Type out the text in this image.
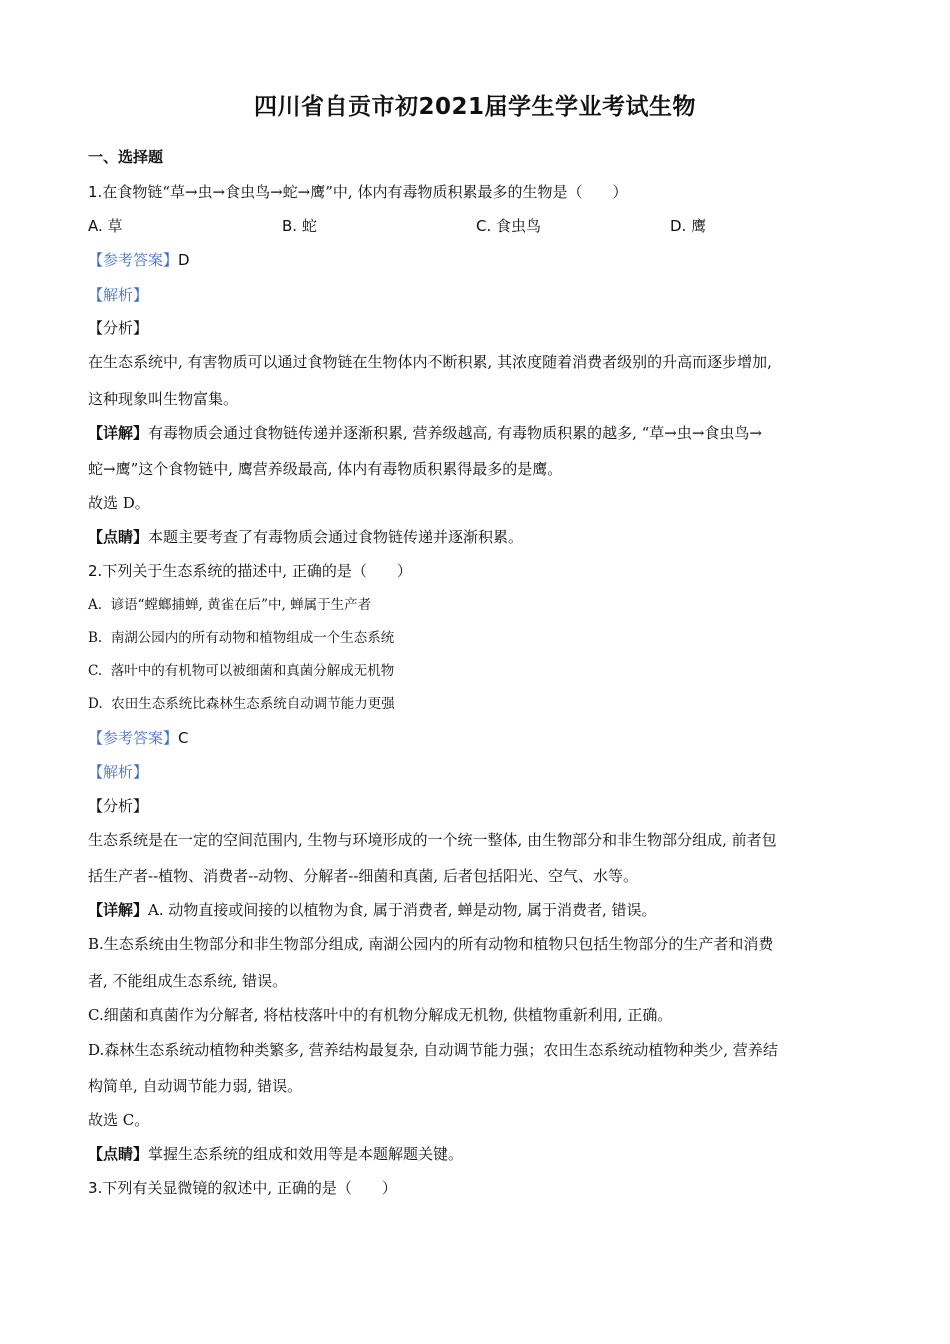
四川省自贡市初2021届学生学业考试生物
一、选择题
1.在食物链“草→虫→食虫鸟→蛇→鹰”中, 体内有毒物质积累最多的生物是（　　）
A. 草	B. 蛇	C. 食虫鸟	D. 鹰
【参考答案】D
【解析】
【分析】
在生态系统中, 有害物质可以通过食物链在生物体内不断积累, 其浓度随着消费者级别的升高而逐步增加,
这种现象叫生物富集。
【详解】有毒物质会通过食物链传递并逐渐积累, 营养级越高, 有毒物质积累的越多, “草→虫→食虫鸟→
蛇→鹰”这个食物链中, 鹰营养级最高, 体内有毒物质积累得最多的是鹰。
故选 D。
【点睛】本题主要考查了有毒物质会通过食物链传递并逐渐积累。
2.下列关于生态系统的描述中, 正确的是（　　）
A. 谚语“螳螂捕蝉, 黄雀在后”中, 蝉属于生产者
B. 南湖公园内的所有动物和植物组成一个生态系统
C. 落叶中的有机物可以被细菌和真菌分解成无机物
D. 农田生态系统比森林生态系统自动调节能力更强
【参考答案】C
【解析】
【分析】
生态系统是在一定的空间范围内, 生物与环境形成的一个统一整体, 由生物部分和非生物部分组成, 前者包
括生产者--植物、消费者--动物、分解者--细菌和真菌, 后者包括阳光、空气、水等。
【详解】A. 动物直接或间接的以植物为食, 属于消费者, 蝉是动物, 属于消费者, 错误。
B.生态系统由生物部分和非生物部分组成, 南湖公园内的所有动物和植物只包括生物部分的生产者和消费
者, 不能组成生态系统, 错误。
C.细菌和真菌作为分解者, 将枯枝落叶中的有机物分解成无机物, 供植物重新利用, 正确。
D.森林生态系统动植物种类繁多, 营养结构最复杂, 自动调节能力强；农田生态系统动植物种类少, 营养结
构简单, 自动调节能力弱, 错误。
故选 C。
【点睛】掌握生态系统的组成和效用等是本题解题关键。
3.下列有关显微镜的叙述中, 正确的是（　　）
